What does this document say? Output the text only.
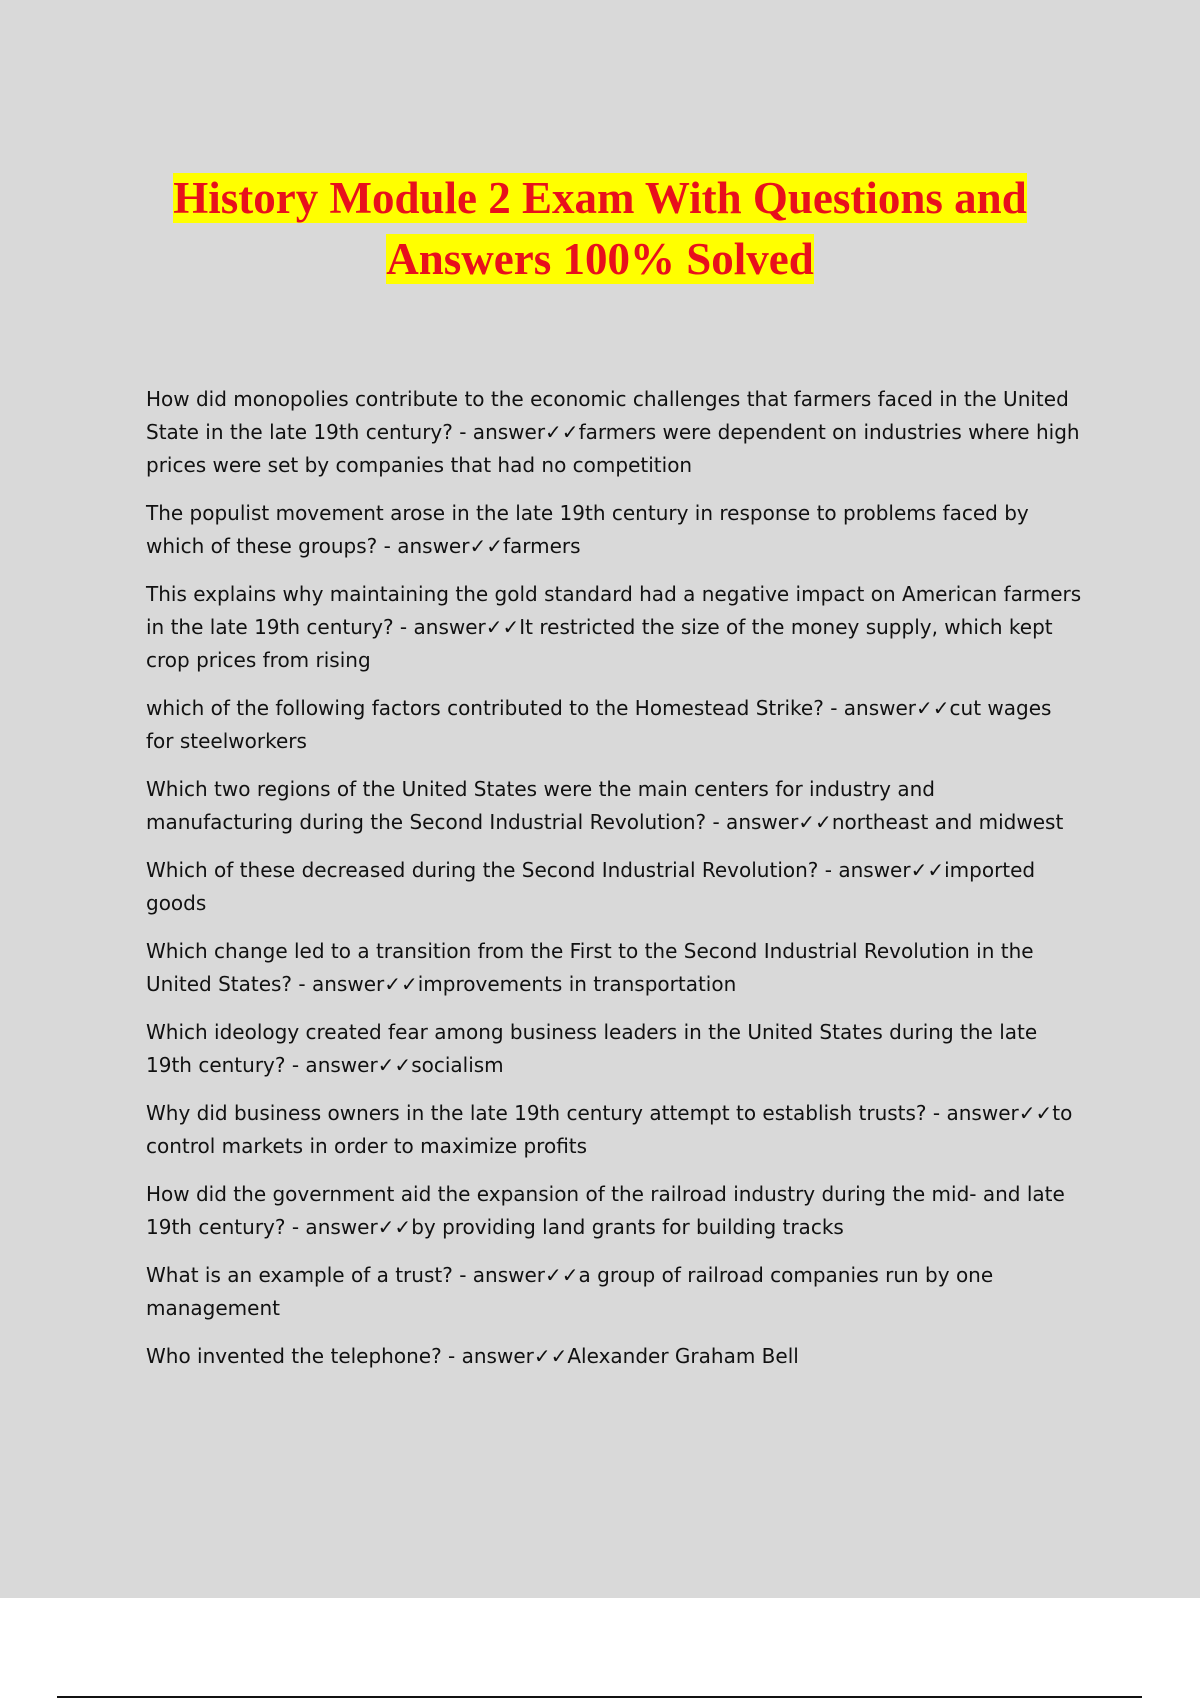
History Module 2 Exam With Questions and Answers 100% Solved

How did monopolies contribute to the economic challenges that farmers faced in the United State in the late 19th century? - answer✓✓farmers were dependent on industries where high prices were set by companies that had no competition

The populist movement arose in the late 19th century in response to problems faced by which of these groups? - answer✓✓farmers

This explains why maintaining the gold standard had a negative impact on American farmers in the late 19th century? - answer✓✓It restricted the size of the money supply, which kept crop prices from rising

which of the following factors contributed to the Homestead Strike? - answer✓✓cut wages for steelworkers

Which two regions of the United States were the main centers for industry and manufacturing during the Second Industrial Revolution? - answer✓✓northeast and midwest

Which of these decreased during the Second Industrial Revolution? - answer✓✓imported goods

Which change led to a transition from the First to the Second Industrial Revolution in the United States? - answer✓✓improvements in transportation

Which ideology created fear among business leaders in the United States during the late 19th century? - answer✓✓socialism

Why did business owners in the late 19th century attempt to establish trusts? - answer✓✓to control markets in order to maximize profits

How did the government aid the expansion of the railroad industry during the mid- and late 19th century? - answer✓✓by providing land grants for building tracks

What is an example of a trust? - answer✓✓a group of railroad companies run by one management

Who invented the telephone? - answer✓✓Alexander Graham Bell
